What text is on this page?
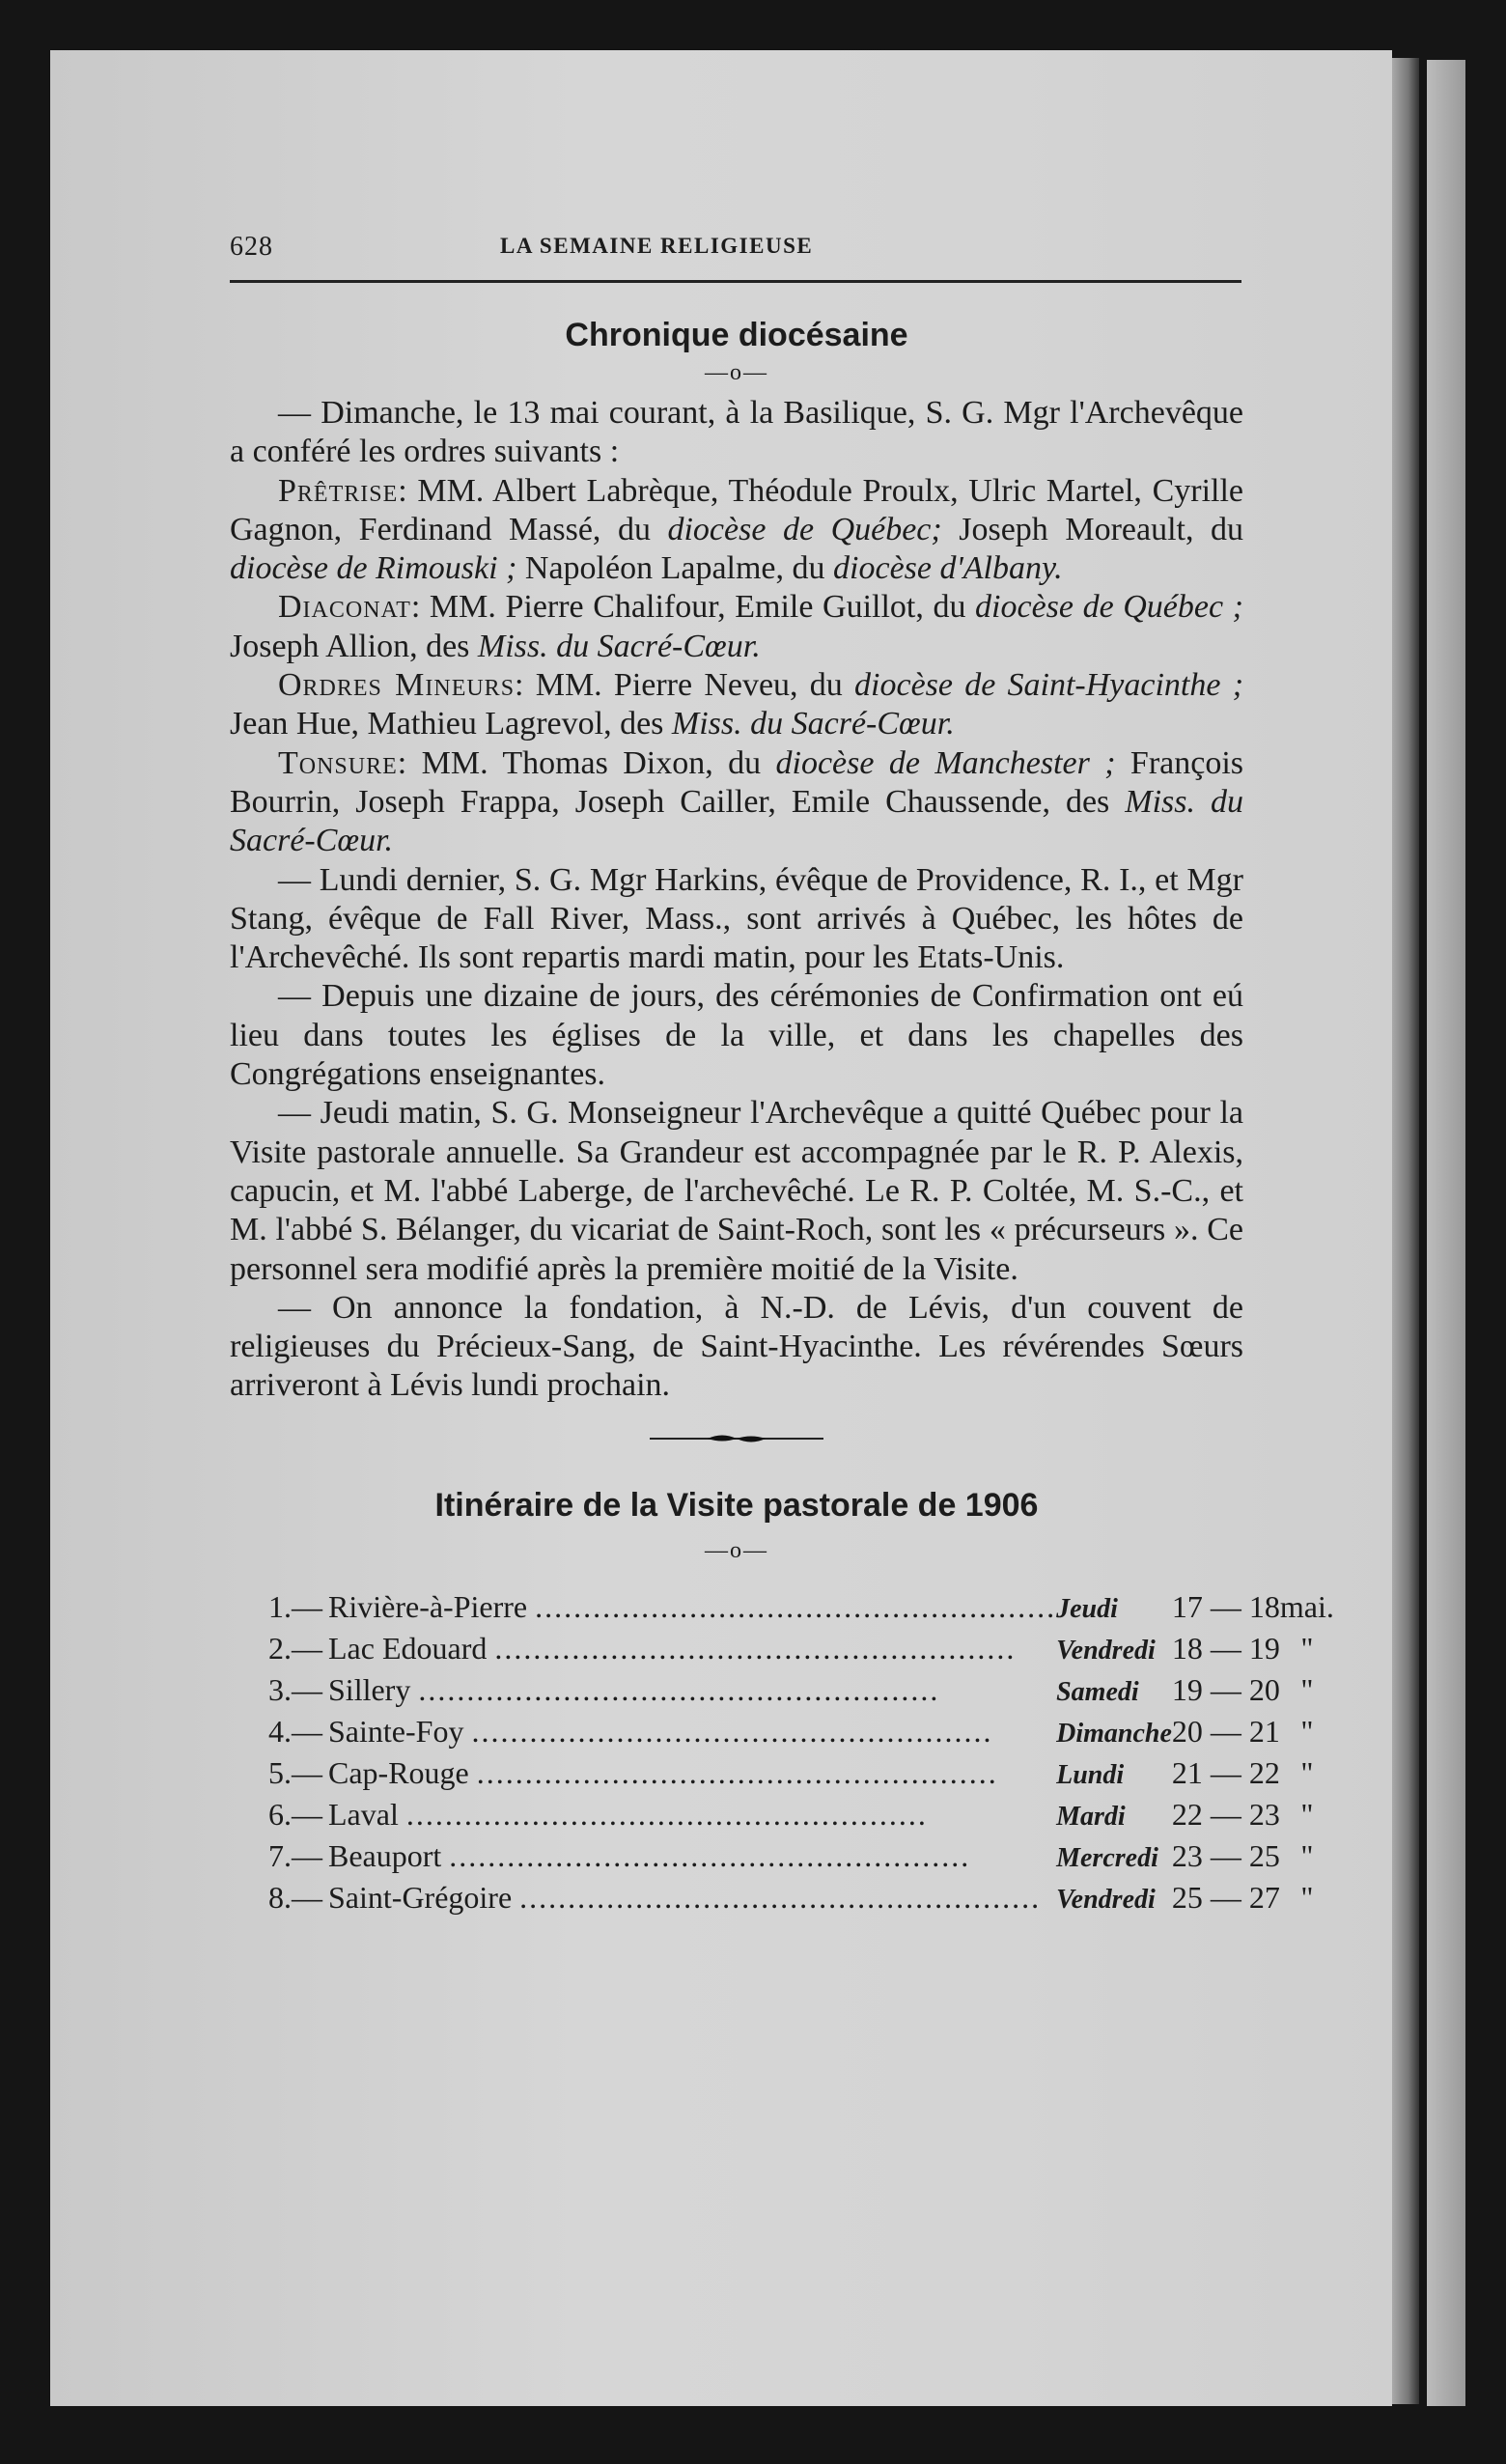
628	LA SEMAINE RELIGIEUSE
Chronique diocésaine
—o—

— Dimanche, le 13 mai courant, à la Basilique, S. G. Mgr l'Archevêque a conféré les ordres suivants :

Prêtrise: MM. Albert Labrèque, Théodule Proulx, Ulric Martel, Cyrille Gagnon, Ferdinand Massé, du diocèse de Québec; Joseph Moreault, du diocèse de Rimouski ; Napoléon Lapalme, du diocèse d'Albany.

Diaconat: MM. Pierre Chalifour, Emile Guillot, du diocèse de Québec ; Joseph Allion, des Miss. du Sacré-Cœur.

Ordres Mineurs: MM. Pierre Neveu, du diocèse de Saint-Hyacinthe ; Jean Hue, Mathieu Lagrevol, des Miss. du Sacré-Cœur.

Tonsure: MM. Thomas Dixon, du diocèse de Manchester ; François Bourrin, Joseph Frappa, Joseph Cailler, Emile Chaussende, des Miss. du Sacré-Cœur.

— Lundi dernier, S. G. Mgr Harkins, évêque de Providence, R. I., et Mgr Stang, évêque de Fall River, Mass., sont arrivés à Québec, les hôtes de l'Archevêché. Ils sont repartis mardi matin, pour les Etats-Unis.

— Depuis une dizaine de jours, des cérémonies de Confirmation ont eú lieu dans toutes les églises de la ville, et dans les chapelles des Congrégations enseignantes.

— Jeudi matin, S. G. Monseigneur l'Archevêque a quitté Québec pour la Visite pastorale annuelle. Sa Grandeur est accompagnée par le R. P. Alexis, capucin, et M. l'abbé Laberge, de l'archevêché. Le R. P. Coltée, M. S.-C., et M. l'abbé S. Bélanger, du vicariat de Saint-Roch, sont les « précurseurs ». Ce personnel sera modifié après la première moitié de la Visite.

— On annonce la fondation, à N.-D. de Lévis, d'un couvent de religieuses du Précieux-Sang, de Saint-Hyacinthe. Les révérendes Sœurs arriveront à Lévis lundi prochain.

Itinéraire de la Visite pastorale de 1906
—o—
1.—	Rivière-à-Pierre ......................................................	Jeudi	17 — 18	mai.
2.—	Lac Edouard ......................................................	Vendredi	18 — 19	"
3.—	Sillery ......................................................	Samedi	19 — 20	"
4.—	Sainte-Foy ......................................................	Dimanche	20 — 21	"
5.—	Cap-Rouge ......................................................	Lundi	21 — 22	"
6.—	Laval ......................................................	Mardi	22 — 23	"
7.—	Beauport ......................................................	Mercredi	23 — 25	"
8.—	Saint-Grégoire ......................................................	Vendredi	25 — 27	"
